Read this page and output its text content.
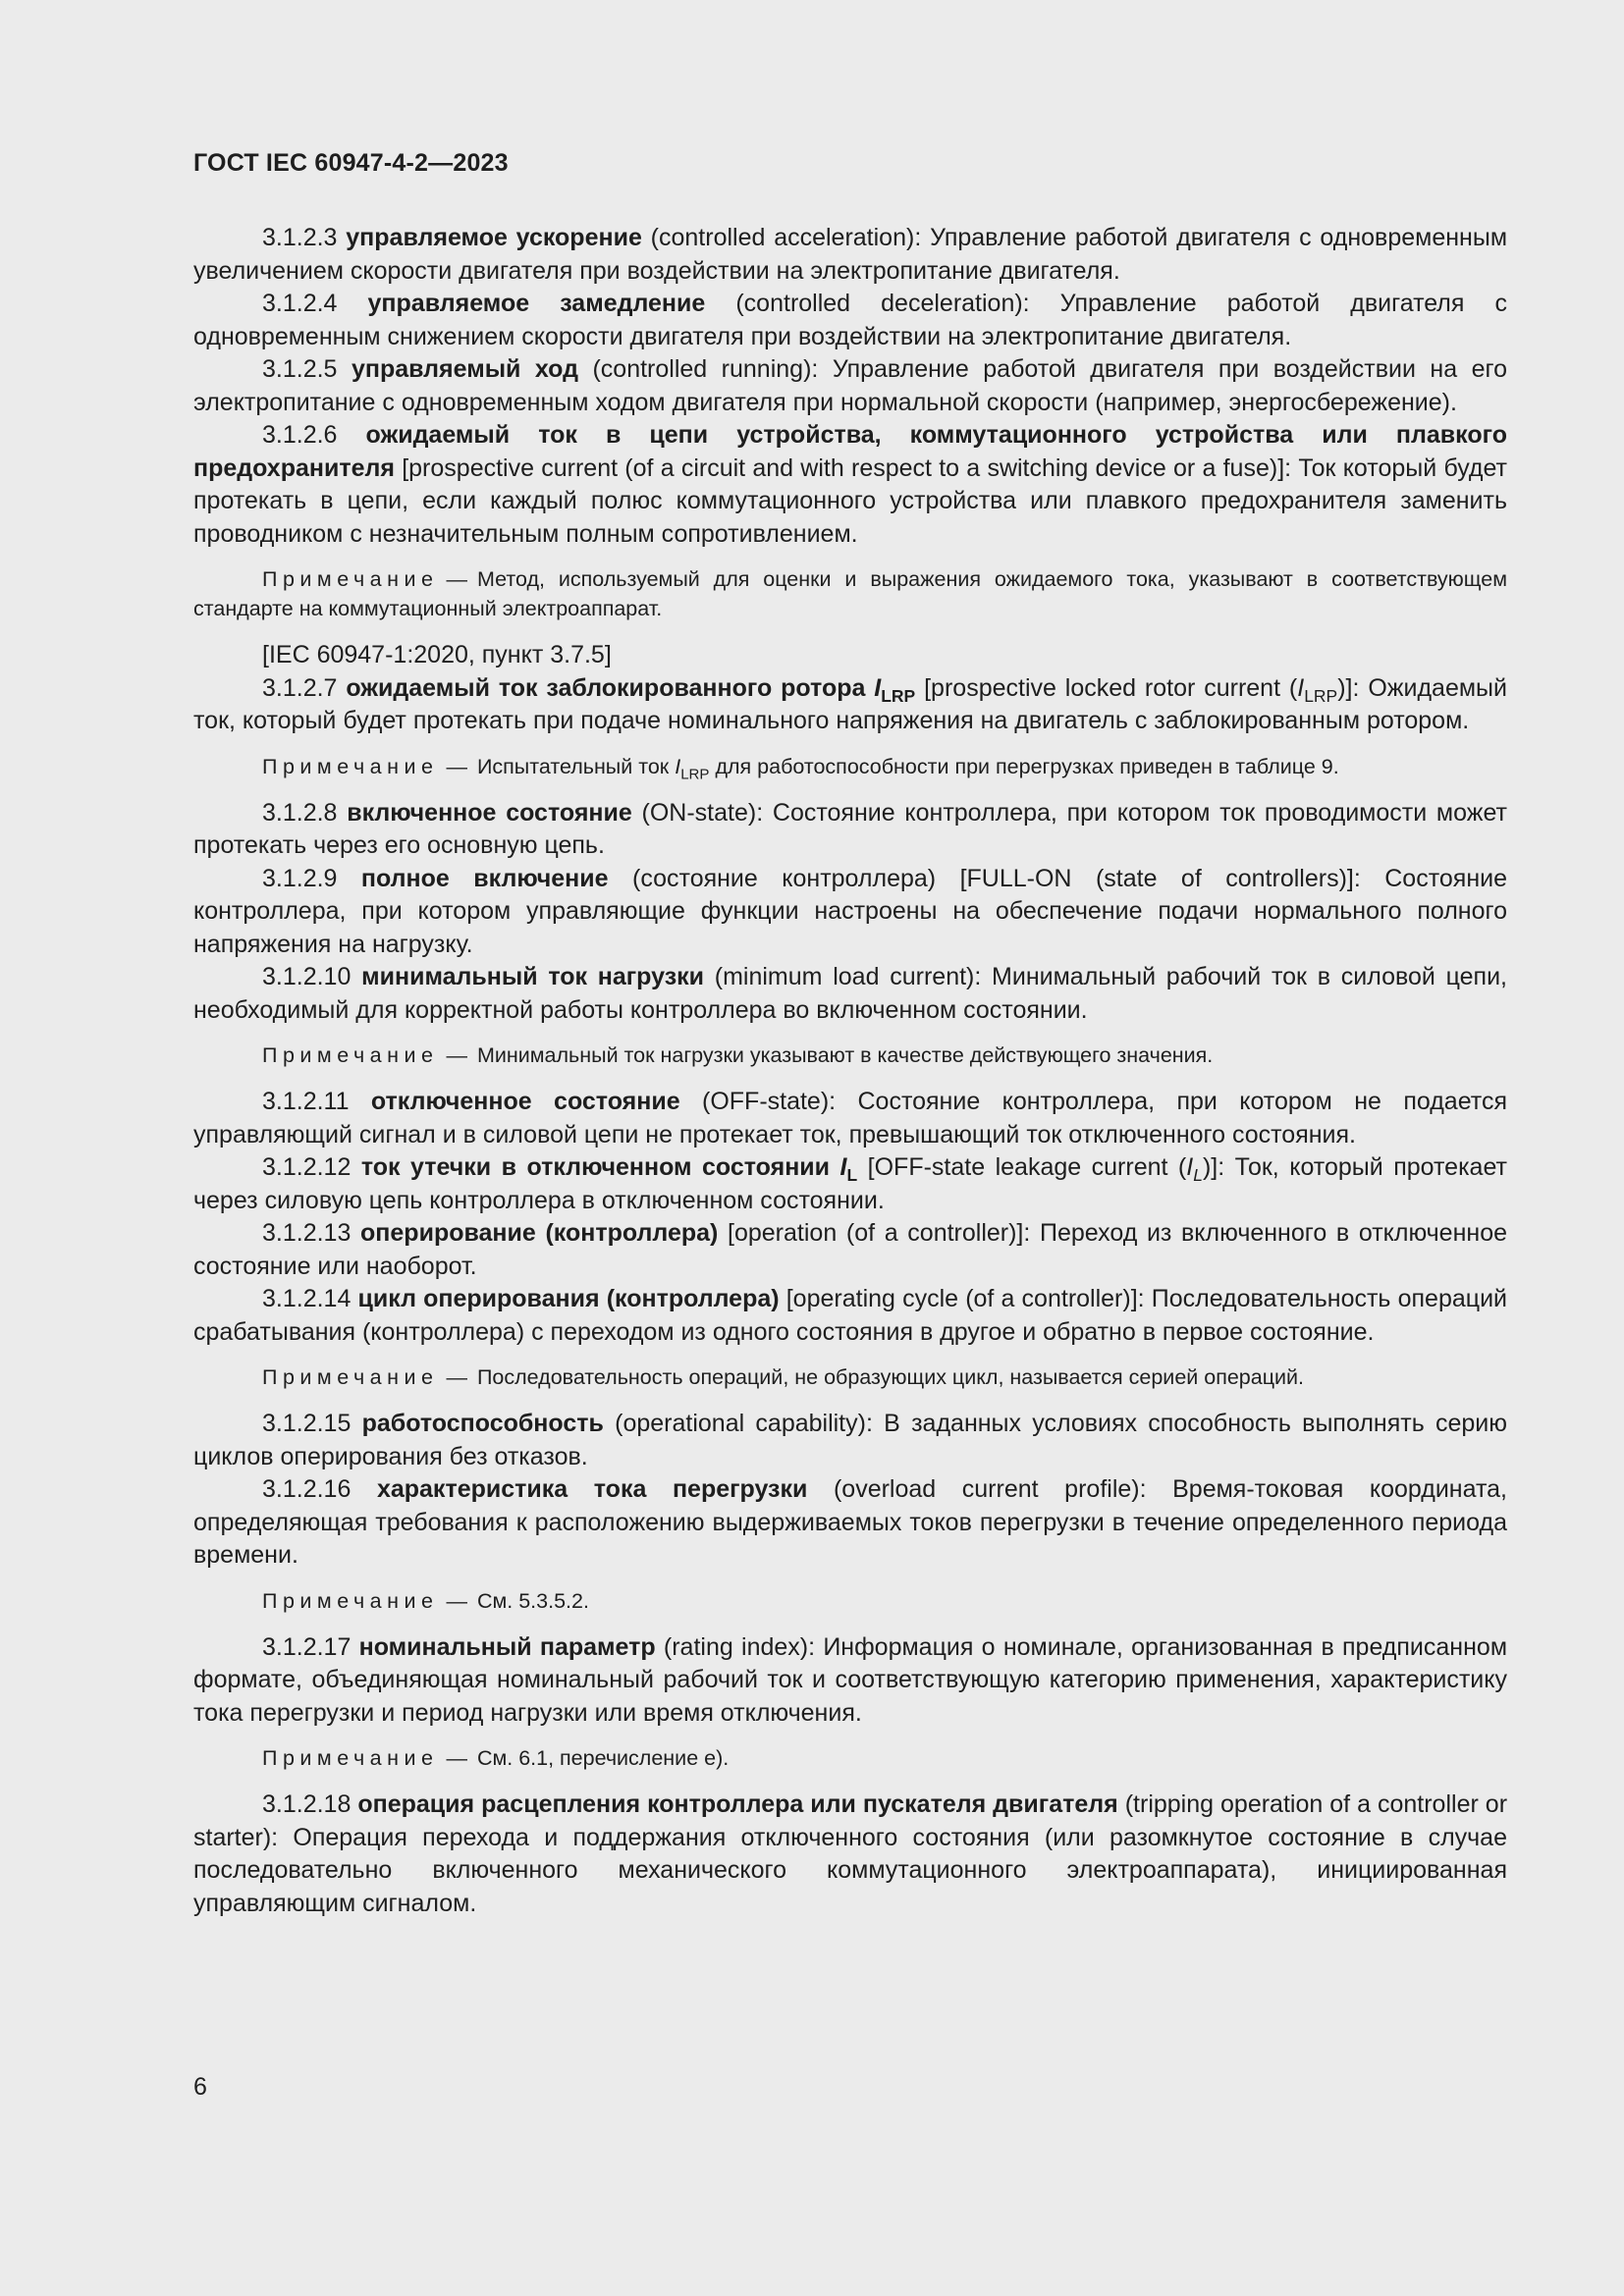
ГОСТ IEC 60947-4-2—2023

3.1.2.3 управляемое ускорение (controlled acceleration): Управление работой двигателя с одновременным увеличением скорости двигателя при воздействии на электропитание двигателя.

3.1.2.4 управляемое замедление (controlled deceleration): Управление работой двигателя с одновременным снижением скорости двигателя при воздействии на электропитание двигателя.

3.1.2.5 управляемый ход (controlled running): Управление работой двигателя при воздействии на его электропитание с одновременным ходом двигателя при нормальной скорости (например, энергосбережение).

3.1.2.6 ожидаемый ток в цепи устройства, коммутационного устройства или плавкого предохранителя [prospective current (of a circuit and with respect to a switching device or a fuse)]: Ток который будет протекать в цепи, если каждый полюс коммутационного устройства или плавкого предохранителя заменить проводником с незначительным полным сопротивлением.

Примечание — Метод, используемый для оценки и выражения ожидаемого тока, указывают в соответствующем стандарте на коммутационный электроаппарат.

[IEC 60947-1:2020, пункт 3.7.5]

3.1.2.7 ожидаемый ток заблокированного ротора $I_{LRP}$ [prospective locked rotor current $(I_{LRP})$]: Ожидаемый ток, который будет протекать при подаче номинального напряжения на двигатель с заблокированным ротором.

Примечание — Испытательный ток $I_{LRP}$ для работоспособности при перегрузках приведен в таблице 9.

3.1.2.8 включенное состояние (ON-state): Состояние контроллера, при котором ток проводимости может протекать через его основную цепь.

3.1.2.9 полное включение (состояние контроллера) [FULL-ON (state of controllers)]: Состояние контроллера, при котором управляющие функции настроены на обеспечение подачи нормального полного напряжения на нагрузку.

3.1.2.10 минимальный ток нагрузки (minimum load current): Минимальный рабочий ток в силовой цепи, необходимый для корректной работы контроллера во включенном состоянии.

Примечание — Минимальный ток нагрузки указывают в качестве действующего значения.

3.1.2.11 отключенное состояние (OFF-state): Состояние контроллера, при котором не подается управляющий сигнал и в силовой цепи не протекает ток, превышающий ток отключенного состояния.

3.1.2.12 ток утечки в отключенном состоянии $I_L$ [OFF-state leakage current $(I_L)$]: Ток, который протекает через силовую цепь контроллера в отключенном состоянии.

3.1.2.13 оперирование (контроллера) [operation (of a controller)]: Переход из включенного в отключенное состояние или наоборот.

3.1.2.14 цикл оперирования (контроллера) [operating cycle (of a controller)]: Последовательность операций срабатывания (контроллера) с переходом из одного состояния в другое и обратно в первое состояние.

Примечание — Последовательность операций, не образующих цикл, называется серией операций.

3.1.2.15 работоспособность (operational capability): В заданных условиях способность выполнять серию циклов оперирования без отказов.

3.1.2.16 характеристика тока перегрузки (overload current profile): Время-токовая координата, определяющая требования к расположению выдерживаемых токов перегрузки в течение определенного периода времени.

Примечание — См. 5.3.5.2.

3.1.2.17 номинальный параметр (rating index): Информация о номинале, организованная в предписанном формате, объединяющая номинальный рабочий ток и соответствующую категорию применения, характеристику тока перегрузки и период нагрузки или время отключения.

Примечание — См. 6.1, перечисление е).

3.1.2.18 операция расцепления контроллера или пускателя двигателя (tripping operation of a controller or starter): Операция перехода и поддержания отключенного состояния (или разомкнутое состояние в случае последовательно включенного механического коммутационного электроаппарата), инициированная управляющим сигналом.

6
